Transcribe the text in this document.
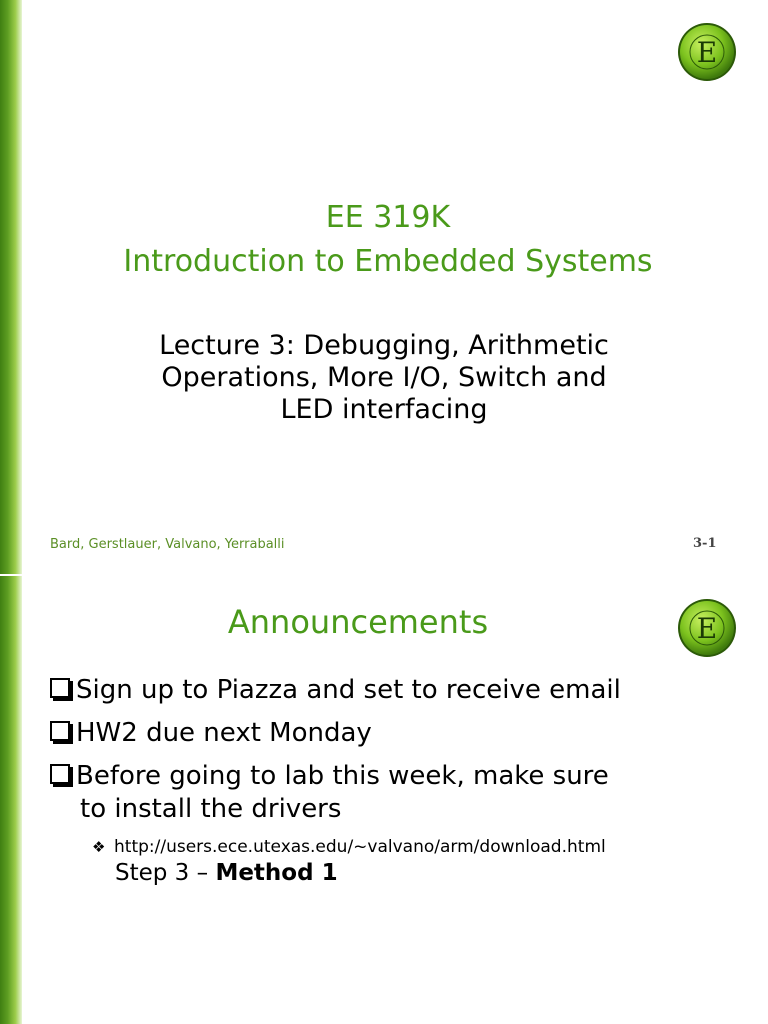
E
EE 319K
Introduction to Embedded Systems
Lecture 3: Debugging, Arithmetic
Operations, More I/O, Switch and
LED interfacing
Bard, Gerstlauer, Valvano, Yerraballi	3-1
E
Announcements
Sign up to Piazza and set to receive email
HW2 due next Monday
Before going to lab this week, make sure
to install the drivers
❖ http://users.ece.utexas.edu/~valvano/arm/download.html
Step 3 – Method 1
